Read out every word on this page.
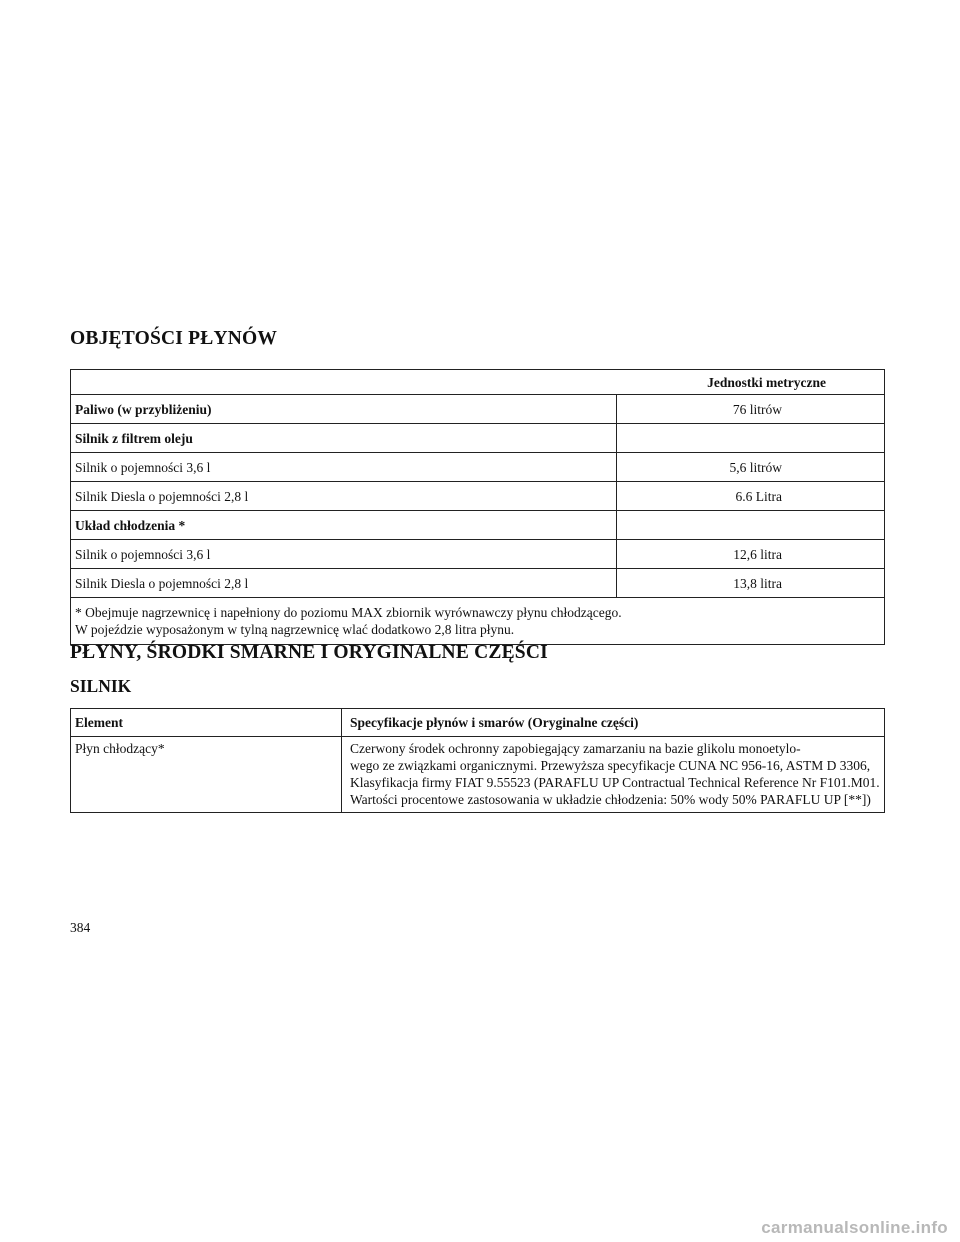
OBJĘTOŚCI PŁYNÓW
Jednostki metryczne	
Paliwo (w przybliżeniu)	76 litrów
Silnik z filtrem oleju	
Silnik o pojemności 3,6 l	5,6 litrów
Silnik Diesla o pojemności 2,8 l	6.6 Litra
Układ chłodzenia *	
Silnik o pojemności 3,6 l	12,6 litra
Silnik Diesla o pojemności 2,8 l	13,8 litra

* Obejmuje nagrzewnicę i napełniony do poziomu MAX zbiornik wyrównawczy płynu chłodzącego.
W pojeździe wyposażonym w tylną nagrzewnicę wlać dodatkowo 2,8 litra płynu.	
PŁYNY, ŚRODKI SMARNE I ORYGINALNE CZĘŚCI
SILNIK
Element	Specyfikacje płynów i smarów (Oryginalne części)
Płyn chłodzący*	Czerwony środek ochronny zapobiegający zamarzaniu na bazie glikolu monoetylo-
wego ze związkami organicznymi. Przewyższa specyfikacje CUNA NC 956-16, ASTM D 3306, Klasyfikacja firmy FIAT 9.55523 (PARAFLU UP Contractual Technical Reference Nr F101.M01. Wartości procentowe zastosowania w układzie chłodzenia: 50% wody 50% PARAFLU UP [**])
384
carmanualsonline.info
